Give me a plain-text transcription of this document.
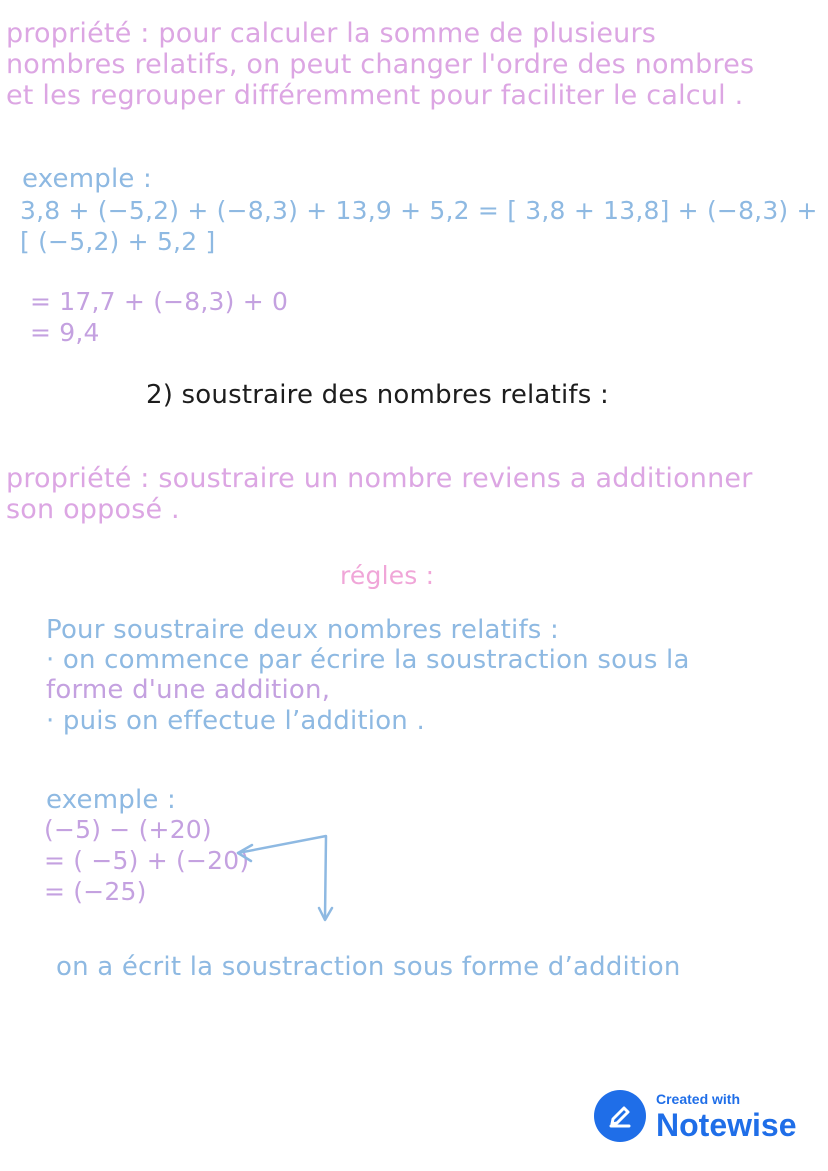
propriété : pour calculer la somme de plusieurs

nombres relatifs, on peut changer l'ordre des nombres

et les regrouper différemment pour faciliter le calcul .

exemple :

3,8 + (−5,2) + (−8,3) + 13,9 + 5,2 = [ 3,8 + 13,8] + (−8,3) +

[ (−5,2) + 5,2 ]

= 17,7 + (−8,3) + 0

= 9,4

2) soustraire des nombres relatifs :

propriété : soustraire un nombre reviens a additionner

son opposé .

régles :

Pour soustraire deux nombres relatifs :

· on commence par écrire la soustraction sous la

forme d'une addition,

· puis on effectue l’addition .

exemple :

(−5) − (+20)

= ( −5) + (−20)

= (−25)

on a écrit la soustraction sous forme d’addition

Created with
Notewise
